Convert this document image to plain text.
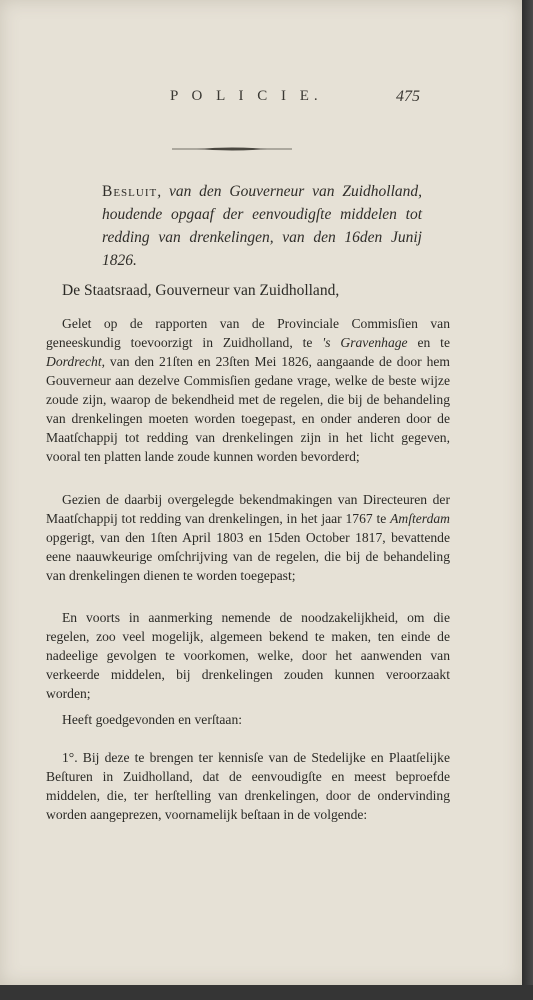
P O L I C I E.	475
Besluit, van den Gouverneur van Zuidholland, houdende opgaaf der eenvoudigſte middelen tot redding van drenkelingen, van den 16den Junij 1826.
De Staatsraad, Gouverneur van Zuidholland,
Gelet op de rapporten van de Provinciale Commisſien van geneeskundig toevoorzigt in Zuidholland, te 's Gravenhage en te Dordrecht, van den 21ſten en 23ſten Mei 1826, aangaande de door hem Gouverneur aan dezelve Commisſien gedane vrage, welke de beste wijze zoude zijn, waarop de bekendheid met de regelen, die bij de behandeling van drenkelingen moeten worden toegepast, en onder anderen door de Maatſchappij tot redding van drenkelingen zijn in het licht gegeven, vooral ten platten lande zoude kunnen worden bevorderd;
Gezien de daarbij overgelegde bekendmakingen van Directeuren der Maatſchappij tot redding van drenkelingen, in het jaar 1767 te Amſterdam opgerigt, van den 1ſten April 1803 en 15den October 1817, bevattende eene naauwkeurige omſchrijving van de regelen, die bij de behandeling van drenkelingen dienen te worden toegepast;
En voorts in aanmerking nemende de noodzakelijkheid, om die regelen, zoo veel mogelijk, algemeen bekend te maken, ten einde de nadeelige gevolgen te voorkomen, welke, door het aanwenden van verkeerde middelen, bij drenkelingen zouden kunnen veroorzaakt worden;
Heeft goedgevonden en verſtaan:
1°. Bij deze te brengen ter kennisſe van de Stedelijke en Plaatſelijke Beſturen in Zuidholland, dat de eenvoudigſte en meest beproefde middelen, die, ter herſtelling van drenkelingen, door de ondervinding worden aangeprezen, voornamelijk beſtaan in de volgende:
